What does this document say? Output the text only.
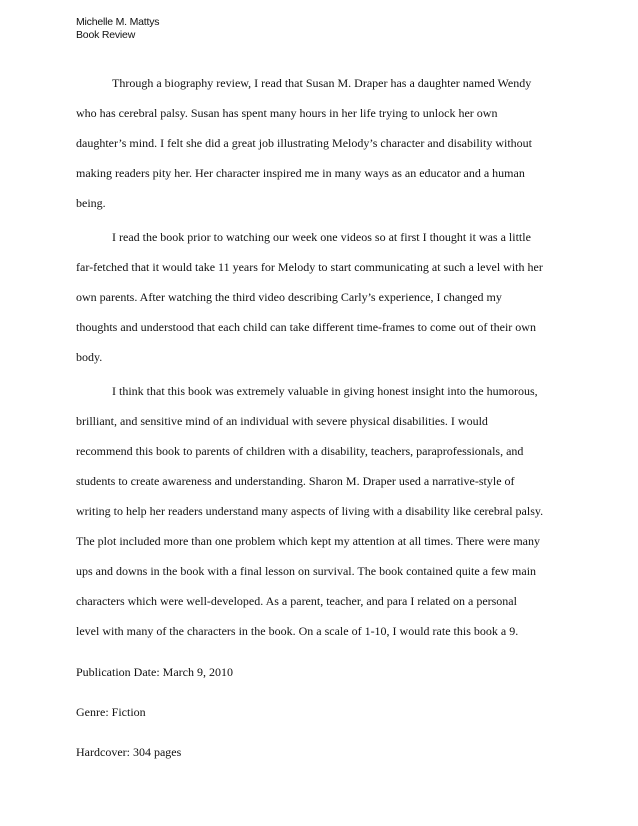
Michelle M. Mattys
Book Review
Through a biography review, I read that Susan M. Draper has a daughter named Wendy
who has cerebral palsy. Susan has spent many hours in her life trying to unlock her own
daughter’s mind. I felt she did a great job illustrating Melody’s character and disability without
making readers pity her. Her character inspired me in many ways as an educator and a human
being.
I read the book prior to watching our week one videos so at first I thought it was a little
far-fetched that it would take 11 years for Melody to start communicating at such a level with her
own parents. After watching the third video describing Carly’s experience, I changed my
thoughts and understood that each child can take different time-frames to come out of their own
body.
I think that this book was extremely valuable in giving honest insight into the humorous,
brilliant, and sensitive mind of an individual with severe physical disabilities. I would
recommend this book to parents of children with a disability, teachers, paraprofessionals, and
students to create awareness and understanding. Sharon M. Draper used a narrative-style of
writing to help her readers understand many aspects of living with a disability like cerebral palsy.
The plot included more than one problem which kept my attention at all times. There were many
ups and downs in the book with a final lesson on survival. The book contained quite a few main
characters which were well-developed. As a parent, teacher, and para I related on a personal
level with many of the characters in the book. On a scale of 1-10, I would rate this book a 9.
Publication Date: March 9, 2010
Genre: Fiction
Hardcover: 304 pages
